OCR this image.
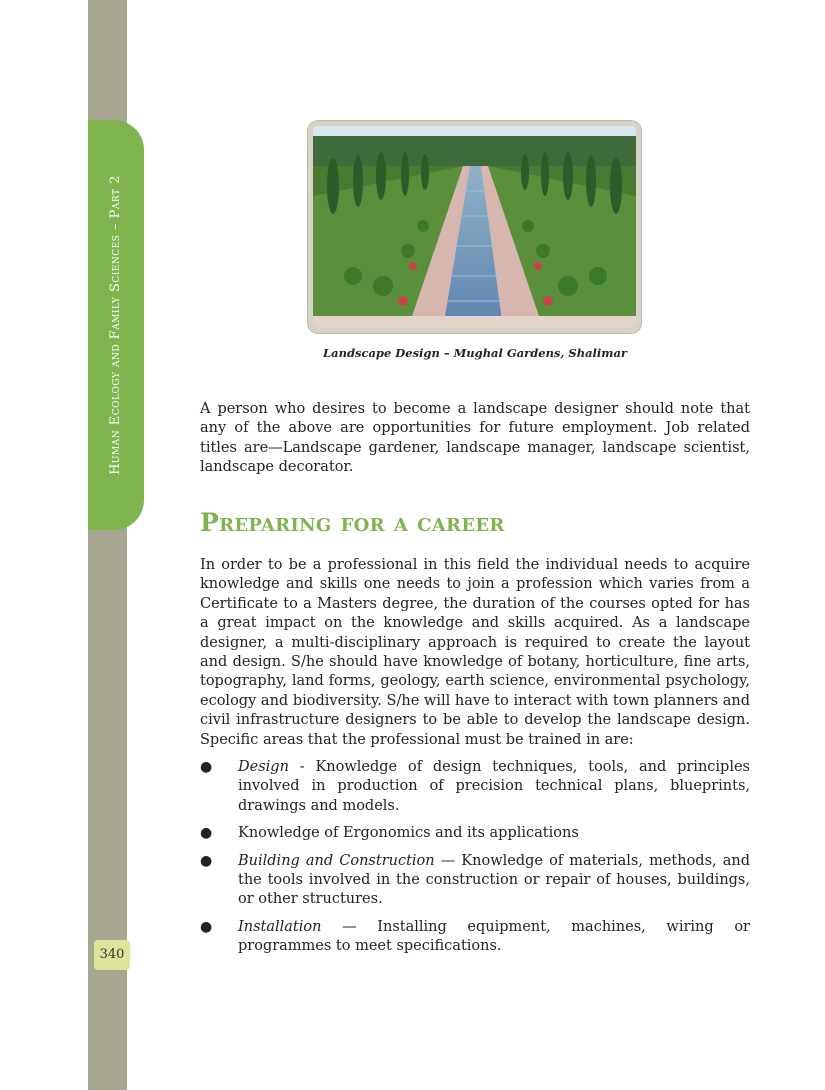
Human Ecology and Family Sciences – Part 2
340
Landscape Design – Mughal Gardens, Shalimar

A person who desires to become a landscape designer should note that any of the above are opportunities for future employment. Job related titles are—Landscape gardener, landscape manager, landscape scientist, landscape decorator.

Preparing for a career

In order to be a professional in this field the individual needs to acquire knowledge and skills one needs to join a profession which varies from a Certificate to a Masters degree, the duration of the courses opted for has a great impact on the knowledge and skills acquired. As a landscape designer, a multi-disciplinary approach is required to create the layout and design. S/he should have knowledge of botany, horticulture, fine arts, topography, land forms, geology, earth science, environmental psychology, ecology and biodiversity. S/he will have to interact with town planners and civil infrastructure designers to be able to develop the landscape design. Specific areas that the professional must be trained in are:

● Design - Knowledge of design techniques, tools, and principles involved in production of precision technical plans, blueprints, drawings and models.
● Knowledge of Ergonomics and its applications
● Building and Construction — Knowledge of materials, methods, and the tools involved in the construction or repair of houses, buildings, or other structures.
● Installation — Installing equipment, machines, wiring or programmes to meet specifications.
